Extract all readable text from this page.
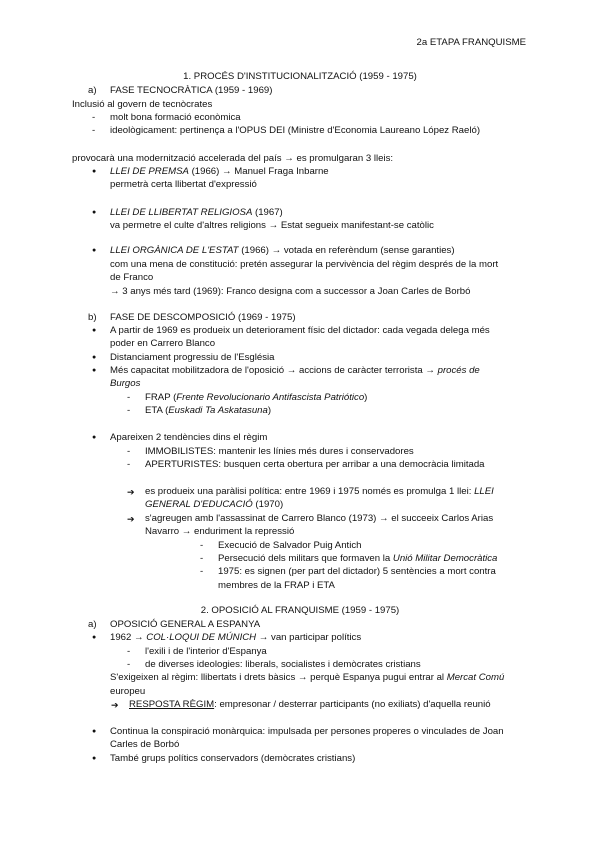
2a ETAPA FRANQUISME
1. PROCÉS D'INSTITUCIONALITZACIÓ (1959 - 1975)
a) FASE TECNOCRÀTICA (1959 - 1969)
Inclusió al govern de tecnòcrates
- molt bona formació econòmica
- ideològicament: pertinença a l'OPUS DEI (Ministre d'Economia Laureano López Raeló)
provocarà una modernització accelerada del país → es promulgaran 3 lleis:
● LLEI DE PREMSA (1966) → Manuel Fraga Inbarne
permetrà certa llibertat d'expressió
● LLEI DE LLIBERTAT RELIGIOSA (1967)
va permetre el culte d'altres religions → Estat segueix manifestant-se catòlic
● LLEI ORGÀNICA DE L'ESTAT (1966) → votada en referèndum (sense garanties)
com una mena de constitució: pretén assegurar la pervivència del règim després de la mort
de Franco
→ 3 anys més tard (1969): Franco designa com a successor a Joan Carles de Borbó
b) FASE DE DESCOMPOSICIÓ (1969 - 1975)
● A partir de 1969 es produeix un deteriorament físic del dictador: cada vegada delega més
poder en Carrero Blanco
● Distanciament progressiu de l'Església
● Més capacitat mobilitzadora de l'oposició → accions de caràcter terrorista → procés de
Burgos
- FRAP (Frente Revolucionario Antifascista Patriótico)
- ETA (Euskadi Ta Askatasuna)
● Apareixen 2 tendències dins el règim
- IMMOBILISTES: mantenir les línies més dures i conservadores
- APERTURISTES: busquen certa obertura per arribar a una democràcia limitada
➔ es produeix una paràlisi política: entre 1969 i 1975 només es promulga 1 llei: LLEI
GENERAL D'EDUCACIÓ (1970)
➔ s'agreugen amb l'assassinat de Carrero Blanco (1973) → el succeeix Carlos Arias
Navarro → enduriment la repressió
- Execució de Salvador Puig Antich
- Persecució dels militars que formaven la Unió Militar Democràtica
- 1975: es signen (per part del dictador) 5 sentències a mort contra
membres de la FRAP i ETA
2. OPOSICIÓ AL FRANQUISME (1959 - 1975)
a) OPOSICIÓ GENERAL A ESPANYA
● 1962 → COL·LOQUI DE MÚNICH → van participar polítics
- l'exili i de l'interior d'Espanya
- de diverses ideologies: liberals, socialistes i demòcrates cristians
S'exigeixen al règim: llibertats i drets bàsics → perquè Espanya pugui entrar al Mercat Comú
europeu
➔ RESPOSTA RÈGIM: empresonar / desterrar participants (no exiliats) d'aquella reunió
● Continua la conspiració monàrquica: impulsada per persones properes o vinculades de Joan
Carles de Borbó
● També grups polítics conservadors (demòcrates cristians)
